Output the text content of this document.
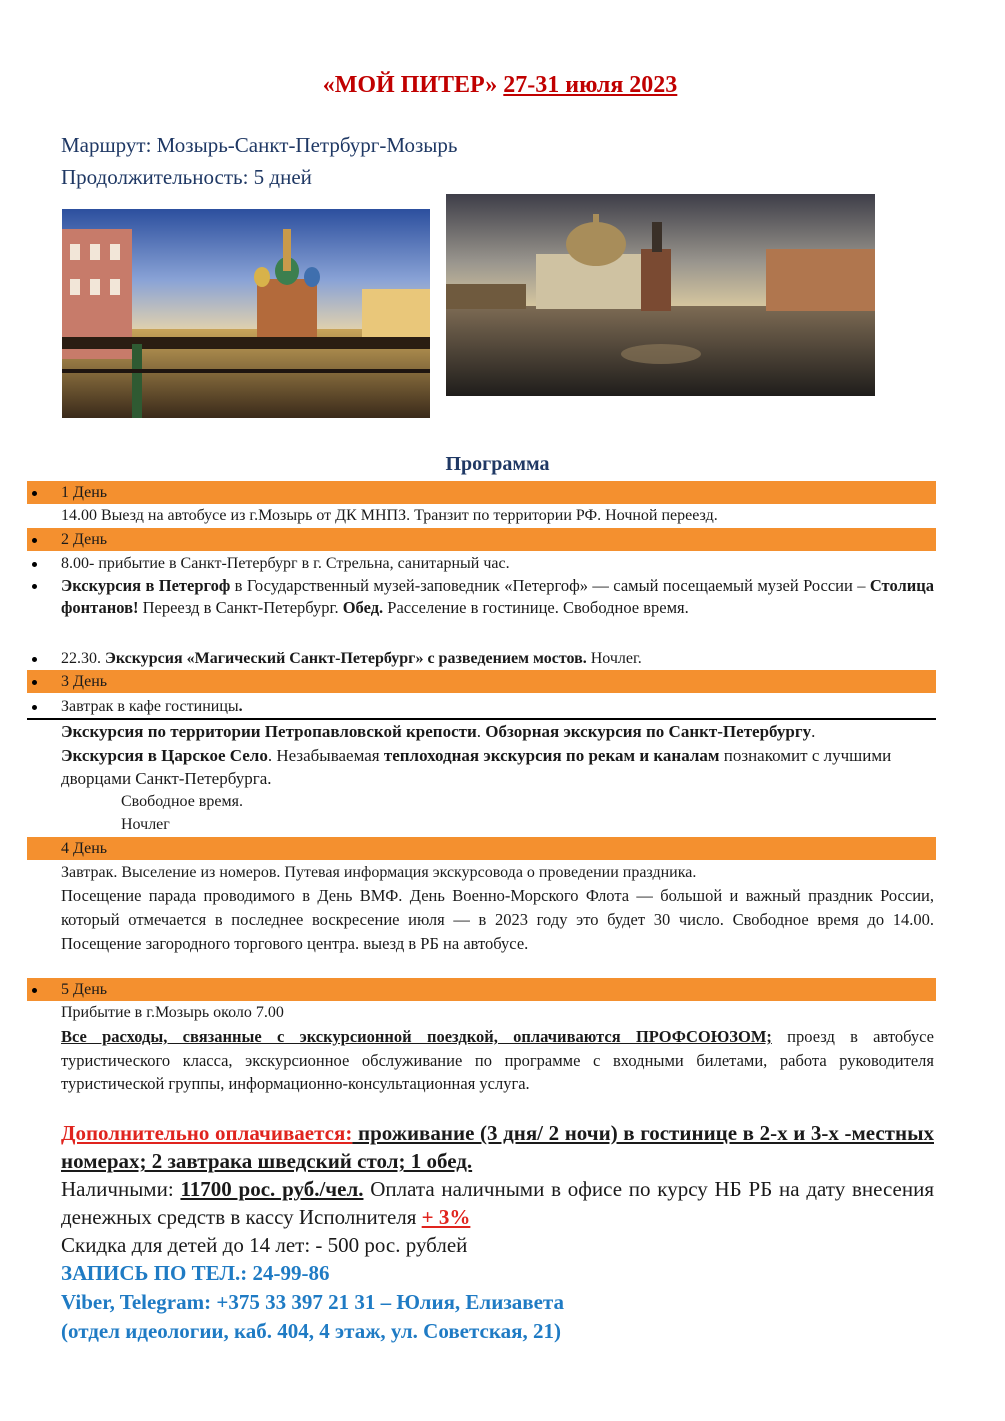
«МОЙ ПИТЕР» 27-31 июля 2023
Маршрут: Мозырь-Санкт-Петрбург-Мозырь
Продолжительность: 5 дней
Программа
1 День
14.00 Выезд на автобусе из г.Мозырь от ДК МНПЗ. Транзит по территории РФ. Ночной переезд.
2 День
8.00- прибытие в Санкт-Петербург в г. Стрельна, санитарный час.
Экскурсия в Петергоф в Государственный музей-заповедник «Петергоф» — самый посещаемый музей России – Столица фонтанов! Переезд в Санкт-Петербург. Обед. Расселение в гостинице. Свободное время.
22.30. Экскурсия «Магический Санкт-Петербург» с разведением мостов. Ночлег.
3 День
Завтрак в кафе гостиницы.
Экскурсия по территории Петропавловской крепости. Обзорная экскурсия по Санкт-Петербургу. Экскурсия в Царское Село. Незабываемая теплоходная экскурсия по рекам и каналам познакомит с лучшими дворцами Санкт-Петербурга.
Свободное время.
Ночлег
4 День
Завтрак. Выселение из номеров. Путевая информация экскурсовода о проведении праздника.
Посещение парада проводимого в День ВМФ. День Военно-Морского Флота — большой и важный праздник России, который отмечается в последнее воскресение июля — в 2023 году это будет 30 число. Свободное время до 14.00. Посещение загородного торгового центра. выезд в РБ на автобусе.
5 День
Прибытие в г.Мозырь около 7.00
Все расходы, связанные с экскурсионной поездкой, оплачиваются ПРОФСОЮЗОМ; проезд в автобусе туристического класса, экскурсионное обслуживание по программе с входными билетами, работа руководителя туристической группы, информационно-консультационная услуга.
Дополнительно оплачивается: проживание (3 дня/ 2 ночи) в гостинице в 2-х и 3-х -местных номерах; 2 завтрака шведский стол; 1 обед.
Наличными: 11700 рос. руб./чел. Оплата наличными в офисе по курсу НБ РБ на дату внесения денежных средств в кассу Исполнителя + 3%
Скидка для детей до 14 лет: - 500 рос. рублей
ЗАПИСЬ ПО ТЕЛ.: 24-99-86
Viber, Telegram: +375 33 397 21 31 – Юлия, Елизавета
(отдел идеологии, каб. 404, 4 этаж, ул. Советская, 21)
